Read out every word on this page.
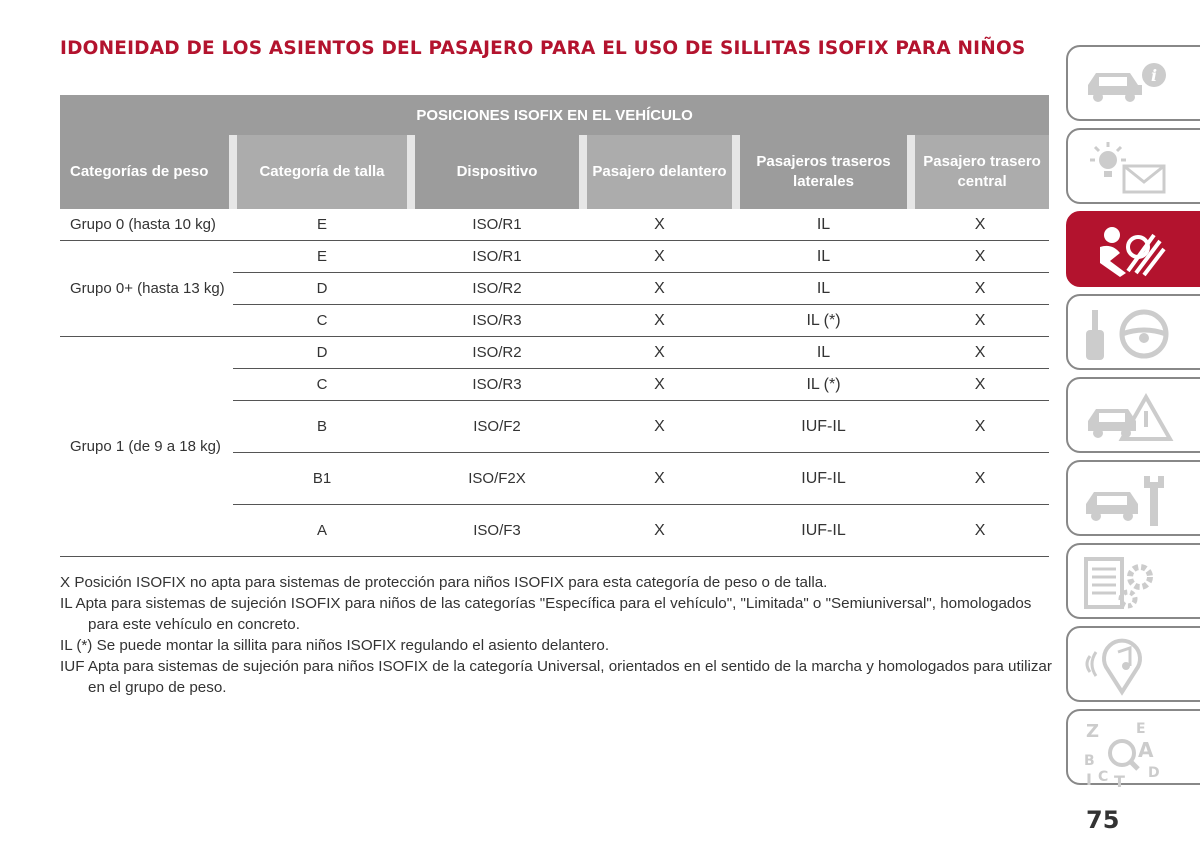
IDONEIDAD DE LOS ASIENTOS DEL PASAJERO PARA EL USO DE SILLITAS ISOFIX PARA NIÑOS
POSICIONES ISOFIX EN EL VEHÍCULO					
Categorías de peso	Categoría de talla	Dispositivo	Pasajero delantero	Pasajeros traseros laterales	Pasajero trasero central
Grupo 0 (hasta 10 kg)	E	ISO/R1	X	IL	X
Grupo 0+ (hasta 13 kg)	E	ISO/R1	X	IL	X
	D	ISO/R2	X	IL	X
	C	ISO/R3	X	IL (*)	X
Grupo 1 (de 9 a 18 kg)	D	ISO/R2	X	IL	X
	C	ISO/R3	X	IL (*)	X
	B	ISO/F2	X	IUF-IL	X
	B1	ISO/F2X	X	IUF-IL	X
	A	ISO/F3	X	IUF-IL	X
X Posición ISOFIX no apta para sistemas de protección para niños ISOFIX para esta categoría de peso o de talla.
IL Apta para sistemas de sujeción ISOFIX para niños de las categorías "Específica para el vehículo", "Limitada" o "Semiuniversal", homologados para este vehículo en concreto.
IL (*) Se puede montar la sillita para niños ISOFIX regulando el asiento delantero.
IUF Apta para sistemas de sujeción para niños ISOFIX de la categoría Universal, orientados en el sentido de la marcha y homologados para utilizar en el grupo de peso.
i
Z	E
B A
C T D
I
75
